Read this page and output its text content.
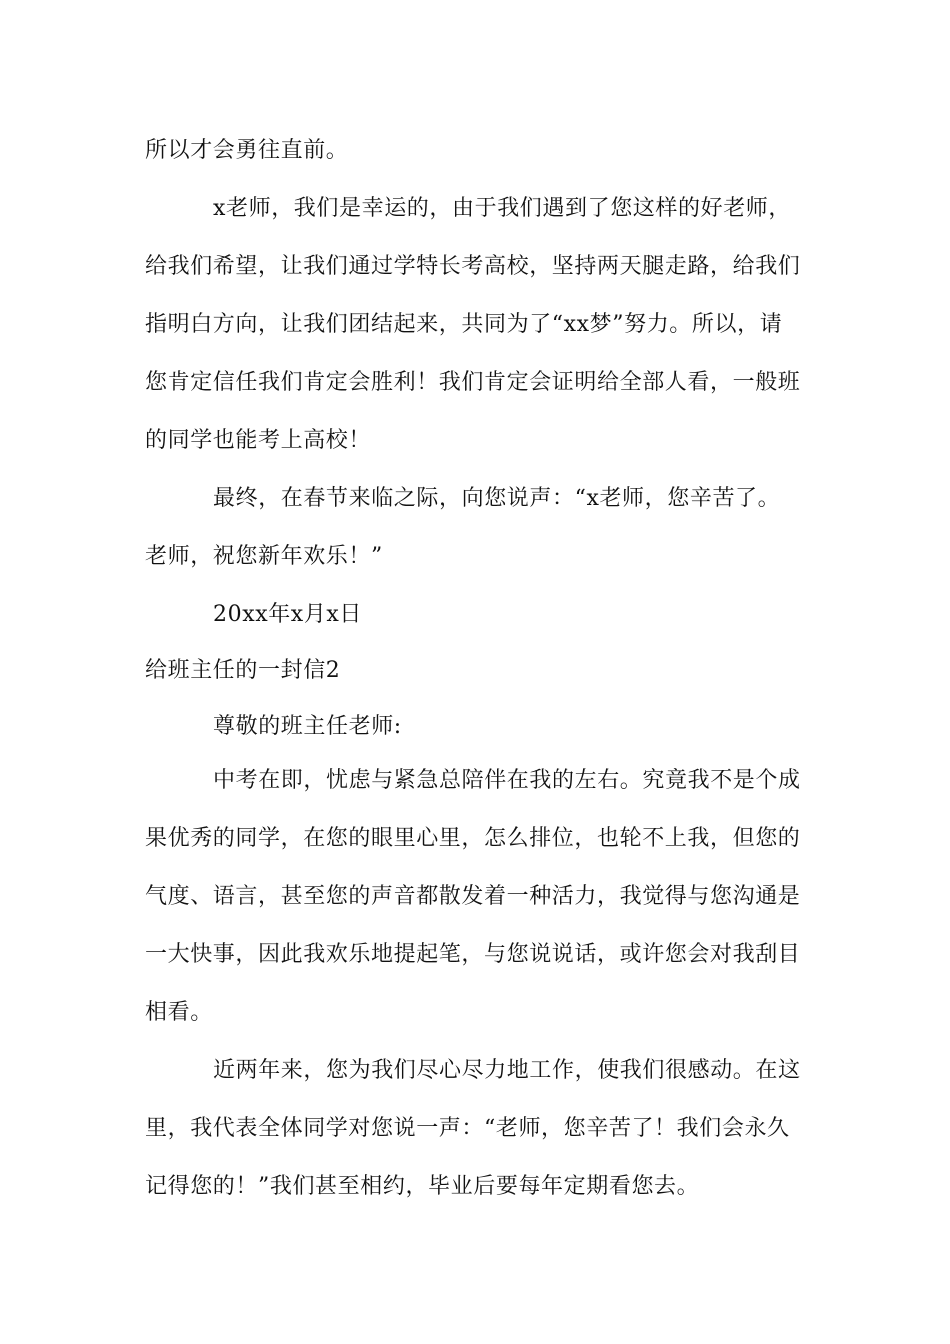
所以才会勇往直前。
x老师，我们是幸运的，由于我们遇到了您这样的好老师，
给我们希望，让我们通过学特长考高校，坚持两天腿走路，给我们
指明白方向，让我们团结起来，共同为了“xx梦”努力。所以，请
您肯定信任我们肯定会胜利！我们肯定会证明给全部人看，一般班
的同学也能考上高校！
最终，在春节来临之际，向您说声：“x老师，您辛苦了。
老师，祝您新年欢乐！”
20xx年x月x日
给班主任的一封信2
尊敬的班主任老师:
中考在即，忧虑与紧急总陪伴在我的左右。究竟我不是个成
果优秀的同学，在您的眼里心里，怎么排位，也轮不上我，但您的
气度、语言，甚至您的声音都散发着一种活力，我觉得与您沟通是
一大快事，因此我欢乐地提起笔，与您说说话，或许您会对我刮目
相看。
近两年来，您为我们尽心尽力地工作，使我们很感动。在这
里，我代表全体同学对您说一声：“老师，您辛苦了！我们会永久
记得您的！”我们甚至相约，毕业后要每年定期看您去。
